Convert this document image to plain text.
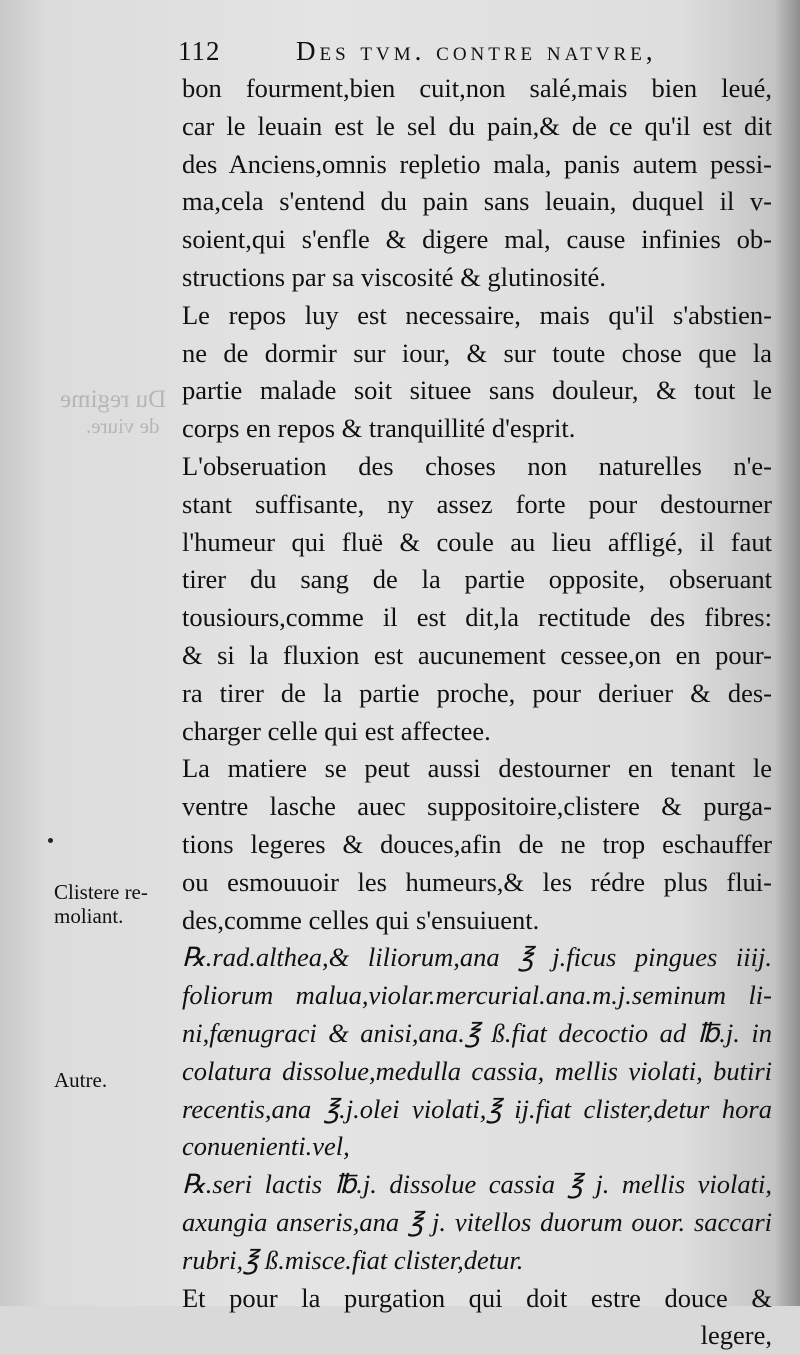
Du regime
de viure.
112	Des tvm. contre natvre,
bon fourment,bien cuit,non salé,mais bien leué,
car le leuain est le sel du pain,& de ce qu'il est dit
des Anciens,omnis repletio mala, panis autem pessi-
ma,cela s'entend du pain sans leuain, duquel il v-
soient,qui s'enfle & digere mal, cause infinies ob-
structions par sa viscosité & glutinosité.
Le repos luy est necessaire, mais qu'il s'abstien-
ne de dormir sur iour, & sur toute chose que la
partie malade soit situee sans douleur, & tout le
corps en repos & tranquillité d'esprit.
L'obseruation des choses non naturelles n'e-
stant suffisante, ny assez forte pour destourner
l'humeur qui fluë & coule au lieu affligé, il faut
tirer du sang de la partie opposite, obseruant
tousiours,comme il est dit,la rectitude des fibres:
& si la fluxion est aucunement cessee,on en pour-
ra tirer de la partie proche, pour deriuer & des-
charger celle qui est affectee.
La matiere se peut aussi destourner en tenant le
ventre lasche auec suppositoire,clistere & purga-
tions legeres & douces,afin de ne trop eschauffer
ou esmouuoir les humeurs,& les rédre plus flui-
des,comme celles qui s'ensuiuent.
℞.rad.althea,& liliorum,ana ℥ j.ficus pingues iiij.
foliorum malua,violar.mercurial.ana.m.j.seminum li-
ni,fænugraci & anisi,ana.℥ ß.fiat decoctio ad ℔.j. in
colatura dissolue,medulla cassia, mellis violati, butiri
recentis,ana ℥.j.olei violati,℥ ij.fiat clister,detur hora
conuenienti.vel,
℞.seri lactis ℔.j. dissolue cassia ℥ j. mellis violati,
axungia anseris,ana ℥ j. vitellos duorum ouor. saccari
rubri,℥ ß.misce.fiat clister,detur.
Et pour la purgation qui doit estre douce &
legere,
Clistere re-
moliant.
Autre.
